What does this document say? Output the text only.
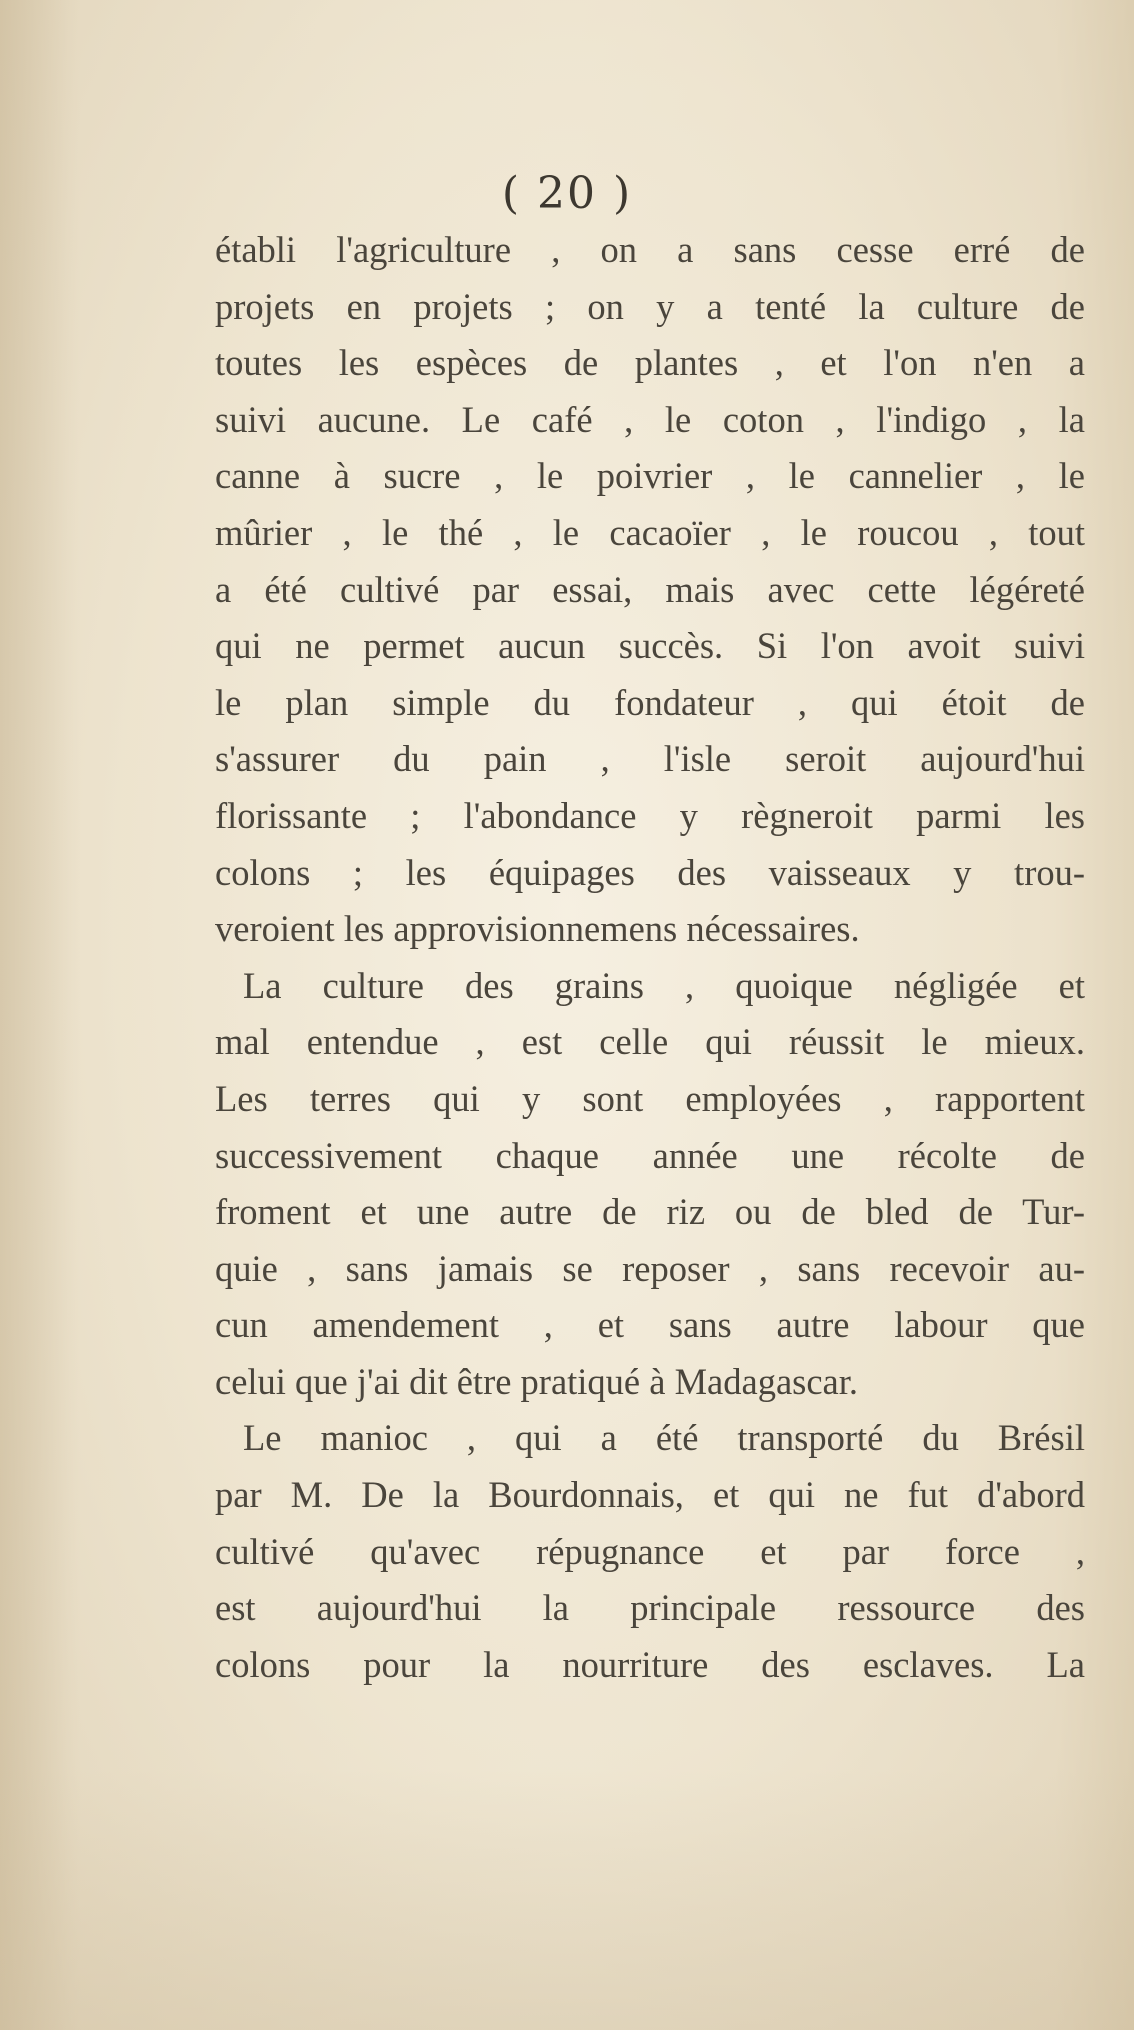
( 20 )
établi l'agriculture , on a sans cesse erré de
projets en projets ; on y a tenté la culture de
toutes les espèces de plantes , et l'on n'en a
suivi aucune. Le café , le coton , l'indigo , la
canne à sucre , le poivrier , le cannelier , le
mûrier , le thé , le cacaoïer , le roucou , tout
a été cultivé par essai, mais avec cette légéreté
qui ne permet aucun succès. Si l'on avoit suivi
le plan simple du fondateur , qui étoit de
s'assurer du pain , l'isle seroit aujourd'hui
florissante ; l'abondance y règneroit parmi les
colons ; les équipages des vaisseaux y trou-
veroient les approvisionnemens nécessaires.
La culture des grains , quoique négligée et
mal entendue , est celle qui réussit le mieux.
Les terres qui y sont employées , rapportent
successivement chaque année une récolte de
froment et une autre de riz ou de bled de Tur-
quie , sans jamais se reposer , sans recevoir au-
cun amendement , et sans autre labour que
celui que j'ai dit être pratiqué à Madagascar.
Le manioc , qui a été transporté du Brésil
par M. De la Bourdonnais, et qui ne fut d'abord
cultivé qu'avec répugnance et par force ,
est aujourd'hui la principale ressource des
colons pour la nourriture des esclaves. La
